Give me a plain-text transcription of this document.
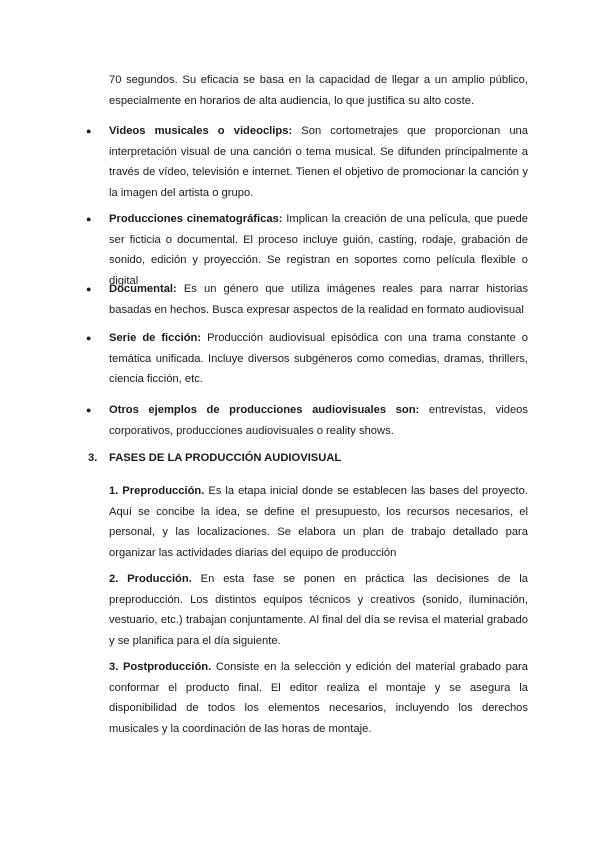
70 segundos. Su eficacia se basa en la capacidad de llegar a un amplio público, especialmente en horarios de alta audiencia, lo que justifica su alto coste.

● Videos musicales o videoclips: Son cortometrajes que proporcionan una interpretación visual de una canción o tema musical. Se difunden principalmente a través de vídeo, televisión e internet. Tienen el objetivo de promocionar la canción y la imagen del artista o grupo.

● Producciones cinematográficas: Implican la creación de una película, que puede ser ficticia o documental. El proceso incluye guión, casting, rodaje, grabación de sonido, edición y proyección. Se registran en soportes como película flexible o digital

● Documental: Es un género que utiliza imágenes reales para narrar historias basadas en hechos. Busca expresar aspectos de la realidad en formato audiovisual

● Serie de ficción: Producción audiovisual episódica con una trama constante o temática unificada. Incluye diversos subgéneros como comedias, dramas, thrillers, ciencia ficción, etc.

● Otros ejemplos de producciones audiovisuales son: entrevistas, videos corporativos, producciones audiovisuales o reality shows.

3. FASES DE LA PRODUCCIÓN AUDIOVISUAL

1. Preproducción. Es la etapa inicial donde se establecen las bases del proyecto. Aquí se concibe la idea, se define el presupuesto, los recursos necesarios, el personal, y las localizaciones. Se elabora un plan de trabajo detallado para organizar las actividades diarias del equipo de producción

2. Producción. En esta fase se ponen en práctica las decisiones de la preproducción. Los distintos equipos técnicos y creativos (sonido, iluminación, vestuario, etc.) trabajan conjuntamente. Al final del día se revisa el material grabado y se planifica para el día siguiente.

3. Postproducción. Consiste en la selección y edición del material grabado para conformar el producto final. El editor realiza el montaje y se asegura la disponibilidad de todos los elementos necesarios, incluyendo los derechos musicales y la coordinación de las horas de montaje.
